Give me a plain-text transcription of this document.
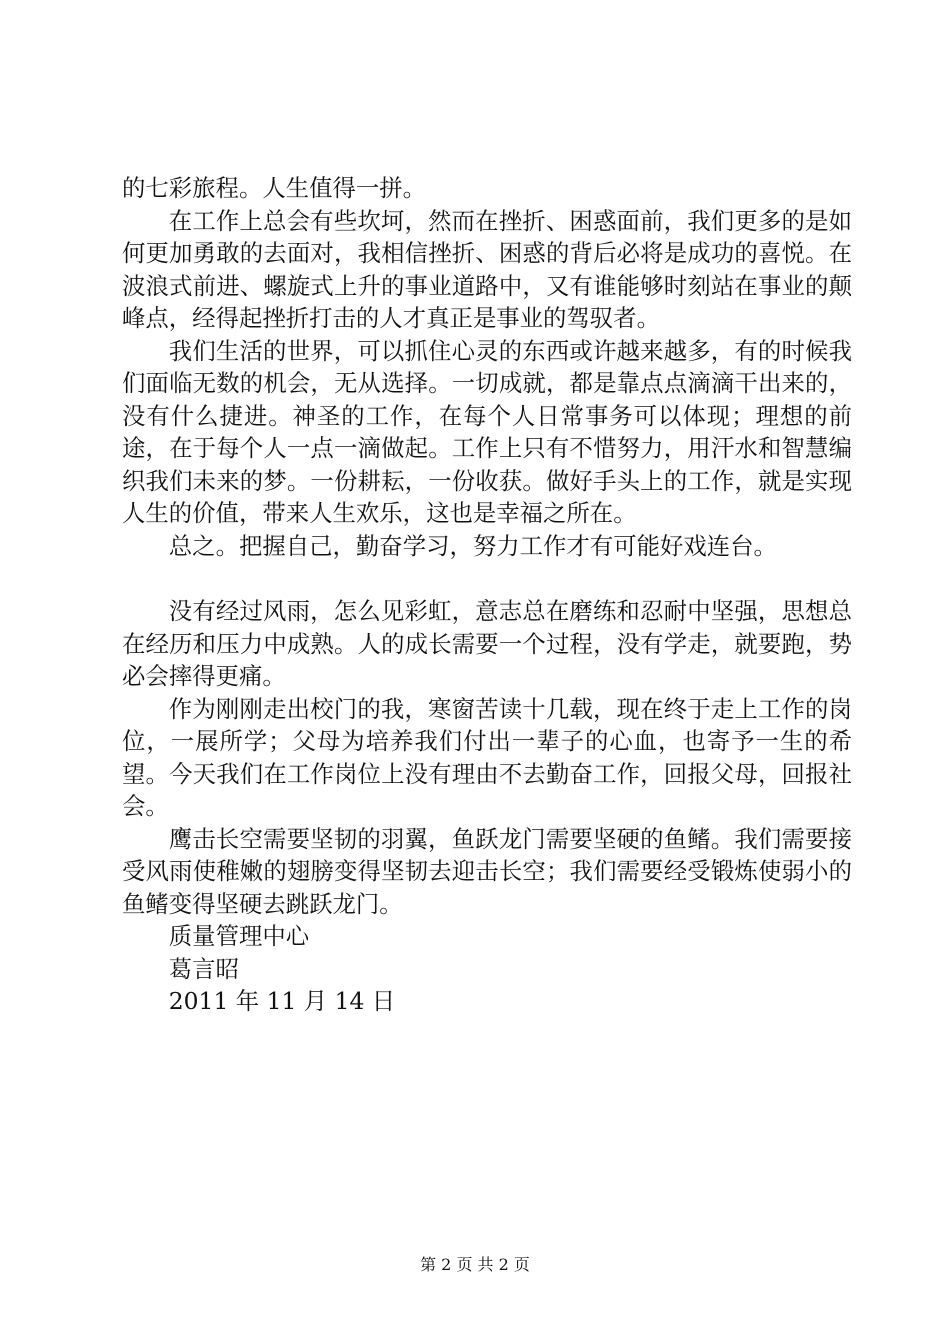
的七彩旅程。人生值得一拼。

在工作上总会有些坎坷，然而在挫折、困惑面前，我们更多的是如何更加勇敢的去面对，我相信挫折、困惑的背后必将是成功的喜悦。在波浪式前进、螺旋式上升的事业道路中，又有谁能够时刻站在事业的颠峰点，经得起挫折打击的人才真正是事业的驾驭者。

我们生活的世界，可以抓住心灵的东西或许越来越多，有的时候我们面临无数的机会，无从选择。一切成就，都是靠点点滴滴干出来的，没有什么捷进。神圣的工作，在每个人日常事务可以体现；理想的前途，在于每个人一点一滴做起。工作上只有不惜努力，用汗水和智慧编织我们未来的梦。一份耕耘，一份收获。做好手头上的工作，就是实现人生的价值，带来人生欢乐，这也是幸福之所在。

总之。把握自己，勤奋学习，努力工作才有可能好戏连台。

没有经过风雨，怎么见彩虹，意志总在磨练和忍耐中坚强，思想总在经历和压力中成熟。人的成长需要一个过程，没有学走，就要跑，势必会摔得更痛。

作为刚刚走出校门的我，寒窗苦读十几载，现在终于走上工作的岗位，一展所学；父母为培养我们付出一辈子的心血，也寄予一生的希望。今天我们在工作岗位上没有理由不去勤奋工作，回报父母，回报社会。

鹰击长空需要坚韧的羽翼，鱼跃龙门需要坚硬的鱼鳍。我们需要接受风雨使稚嫩的翅膀变得坚韧去迎击长空；我们需要经受锻炼使弱小的鱼鳍变得坚硬去跳跃龙门。

质量管理中心

葛言昭

2011 年 11 月 14 日

第 2 页 共 2 页
